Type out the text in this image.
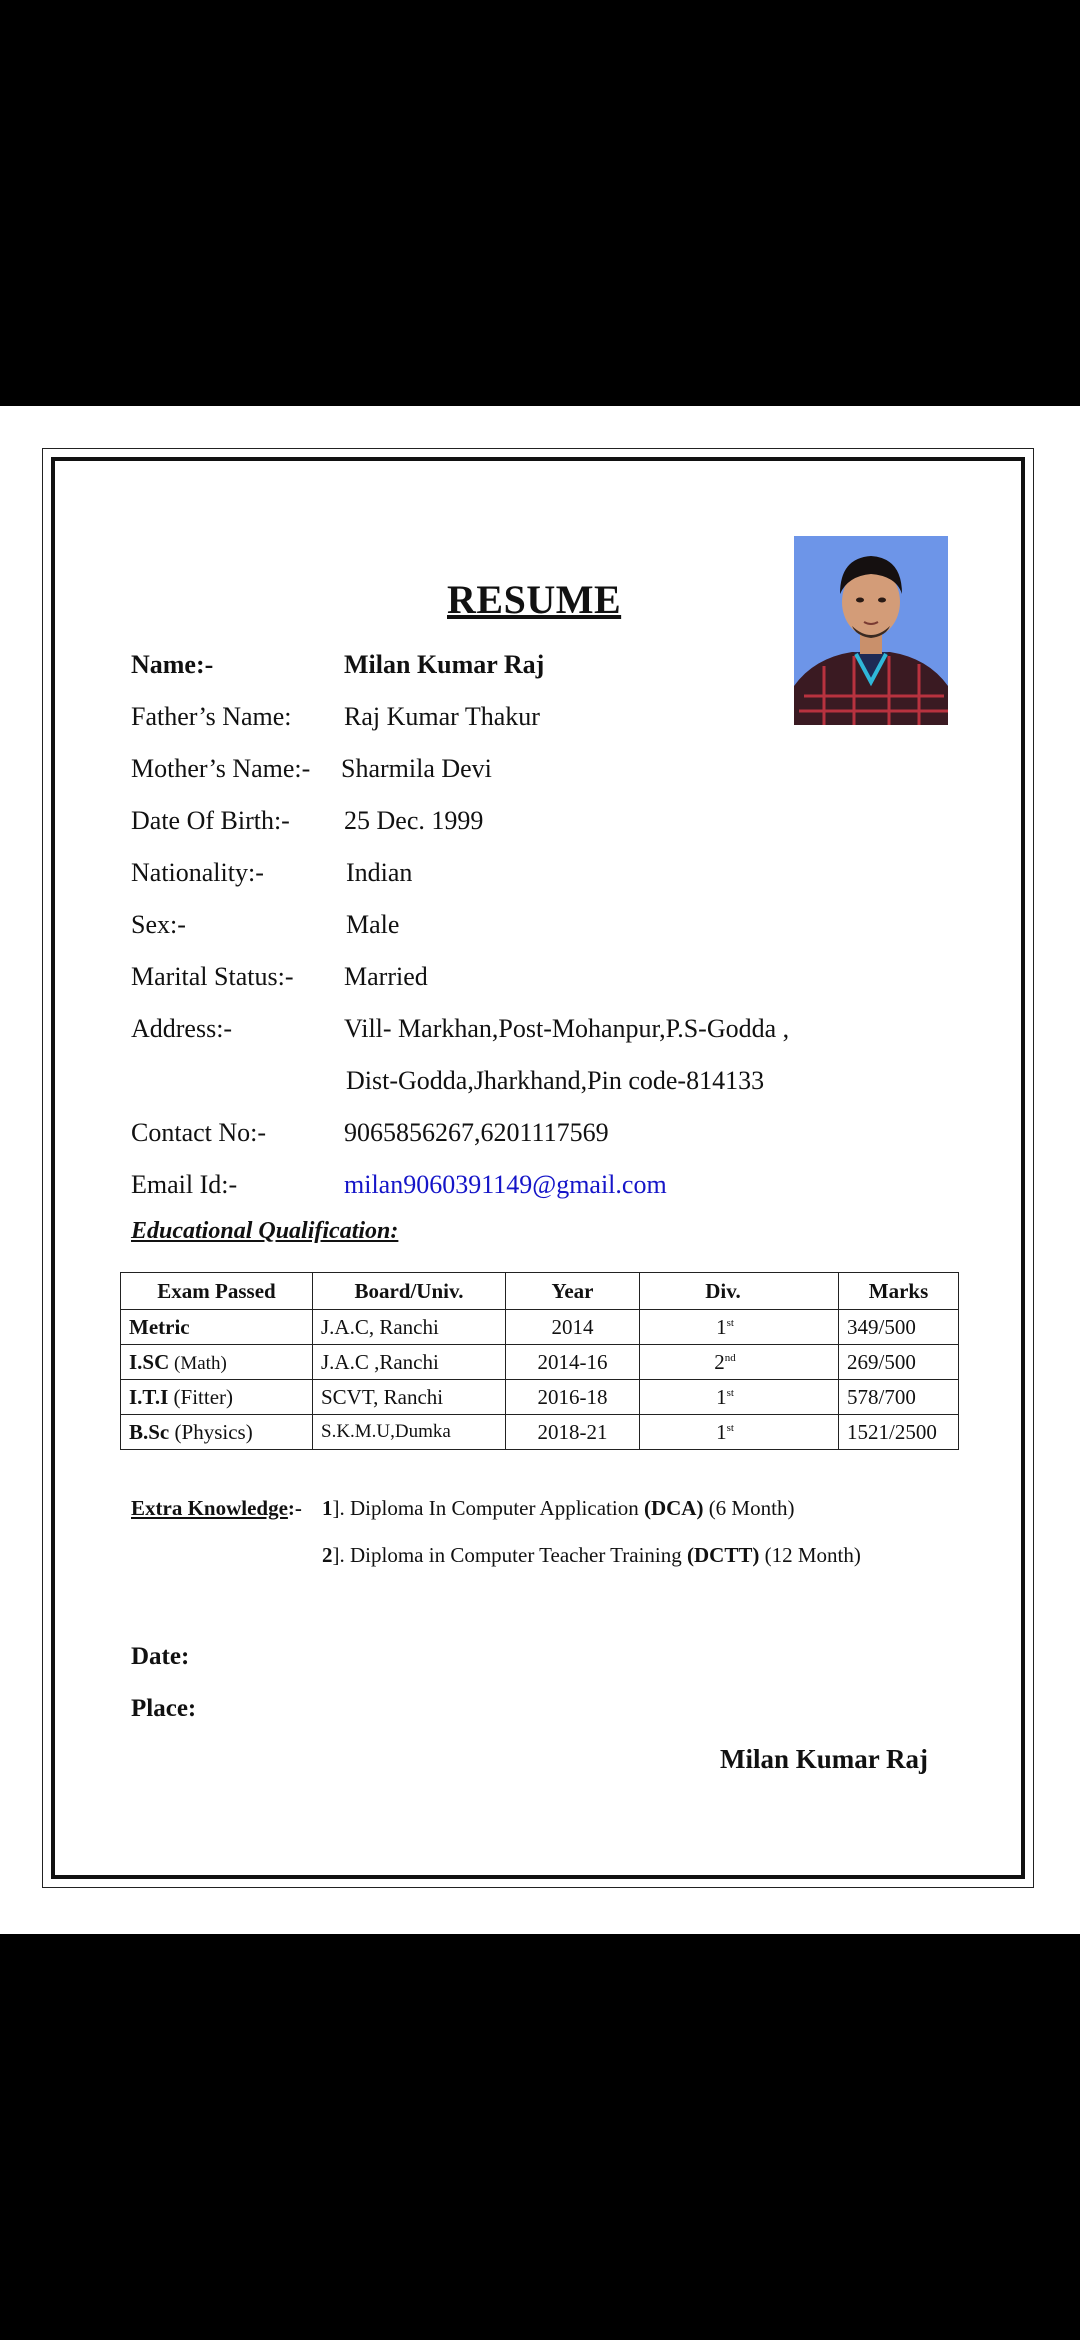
RESUME
Name:-	Milan Kumar Raj
Father’s Name: Raj Kumar Thakur
Mother’s Name:- Sharmila Devi
Date Of Birth:- 25 Dec. 1999
Nationality:-	Indian
Sex:-	Male
Marital Status:- Married
Address:-	Vill- Markhan,Post-Mohanpur,P.S-Godda ,
Dist-Godda,Jharkhand,Pin code-814133
Contact No:-	9065856267,6201117569
Email Id:-	milan9060391149@gmail.com
Educational Qualification:
Exam Passed	Board/Univ.	Year	Div.	Marks
Metric	J.A.C, Ranchi	2014	1st	349/500
I.SC (Math)	J.A.C ,Ranchi	2014-16	2nd	269/500
I.T.I (Fitter)	SCVT, Ranchi	2016-18	1st	578/700
B.Sc (Physics)	S.K.M.U,Dumka	2018-21	1st	1521/2500
Extra Knowledge:- 1]. Diploma In Computer Application (DCA) (6 Month)
2]. Diploma in Computer Teacher Training (DCTT) (12 Month)
Date:
Place:
Milan Kumar Raj
